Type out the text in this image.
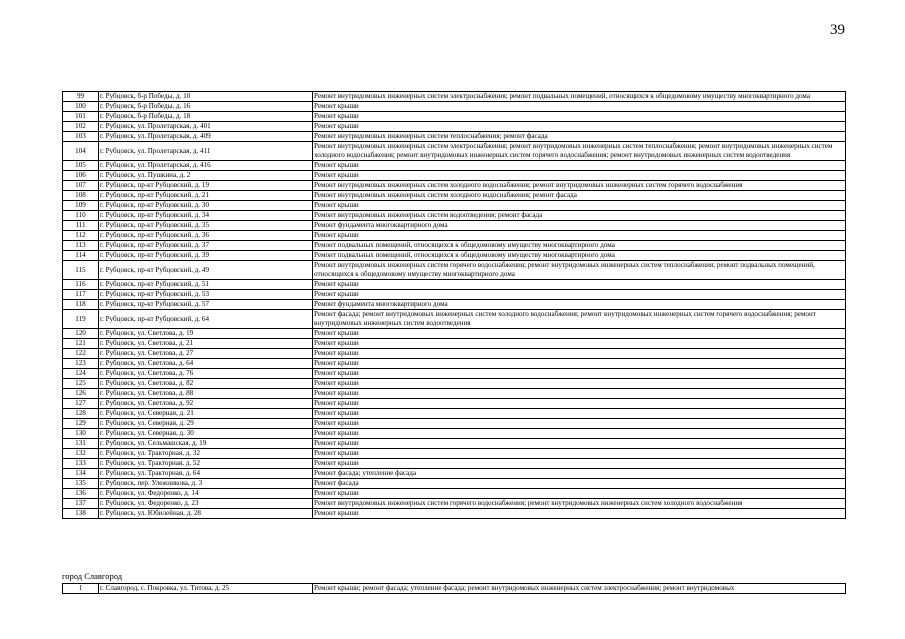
39
99	г. Рубцовск, б-р Победы, д. 10	Ремонт внутридомовых инженерных систем электроснабжения; ремонт подвальных помещений, относящихся к общедомовому имуществу многоквартирного дома
100	г. Рубцовск, б-р Победы, д. 16	Ремонт крыши
101	г. Рубцовск, б-р Победы, д. 18	Ремонт крыши
102	г. Рубцовск, ул. Пролетарская, д. 401	Ремонт крыши
103	г. Рубцовск, ул. Пролетарская, д. 409	Ремонт внутридомовых инженерных систем теплоснабжения; ремонт фасада
104	г. Рубцовск, ул. Пролетарская, д. 411	Ремонт внутридомовых инженерных систем электроснабжения; ремонт внутридомовых инженерных систем теплоснабжения; ремонт внутридомовых инженерных систем холодного водоснабжения; ремонт внутридомовых инженерных систем горячего водоснабжения; ремонт внутридомовых инженерных систем водоотведения
105	г. Рубцовск, ул. Пролетарская, д. 416	Ремонт крыши
106	г. Рубцовск, ул. Пушкина, д. 2	Ремонт крыши
107	г. Рубцовск, пр-кт Рубцовский, д. 19	Ремонт внутридомовых инженерных систем холодного водоснабжения; ремонт внутридомовых инженерных систем горячего водоснабжения
108	г. Рубцовск, пр-кт Рубцовский, д. 21	Ремонт внутридомовых инженерных систем холодного водоснабжения; ремонт фасада
109	г. Рубцовск, пр-кт Рубцовский, д. 30	Ремонт крыши
110	г. Рубцовск, пр-кт Рубцовский, д. 34	Ремонт внутридомовых инженерных систем водоотведения; ремонт фасада
111	г. Рубцовск, пр-кт Рубцовский, д. 35	Ремонт фундамента многоквартирного дома
112	г. Рубцовск, пр-кт Рубцовский, д. 36	Ремонт крыши
113	г. Рубцовск, пр-кт Рубцовский, д. 37	Ремонт подвальных помещений, относящихся к общедомовому имуществу многоквартирного дома
114	г. Рубцовск, пр-кт Рубцовский, д. 39	Ремонт подвальных помещений, относящихся к общедомовому имуществу многоквартирного дома
115	г. Рубцовск, пр-кт Рубцовский, д. 49	Ремонт внутридомовых инженерных систем горячего водоснабжения; ремонт внутридомовых инженерных систем теплоснабжения; ремонт подвальных помещений, относящихся к общедомовому имуществу многоквартирного дома
116	г. Рубцовск, пр-кт Рубцовский, д. 51	Ремонт крыши
117	г. Рубцовск, пр-кт Рубцовский, д. 53	Ремонт крыши
118	г. Рубцовск, пр-кт Рубцовский, д. 57	Ремонт фундамента многоквартирного дома
119	г. Рубцовск, пр-кт Рубцовский, д. 64	Ремонт фасада; ремонт внутридомовых инженерных систем холодного водоснабжения; ремонт внутридомовых инженерных систем горячего водоснабжения; ремонт внутридомовых инженерных систем водоотведения
120	г. Рубцовск, ул. Светлова, д. 19	Ремонт крыши
121	г. Рубцовск, ул. Светлова, д. 21	Ремонт крыши
122	г. Рубцовск, ул. Светлова, д. 27	Ремонт крыши
123	г. Рубцовск, ул. Светлова, д. 64	Ремонт крыши
124	г. Рубцовск, ул. Светлова, д. 76	Ремонт крыши
125	г. Рубцовск, ул. Светлова, д. 82	Ремонт крыши
126	г. Рубцовск, ул. Светлова, д. 88	Ремонт крыши
127	г. Рубцовск, ул. Светлова, д. 92	Ремонт крыши
128	г. Рубцовск, ул. Северная, д. 21	Ремонт крыши
129	г. Рубцовск, ул. Северная, д. 29	Ремонт крыши
130	г. Рубцовск, ул. Северная, д. 30	Ремонт крыши
131	г. Рубцовск, ул. Сельмашская, д. 19	Ремонт крыши
132	г. Рубцовск, ул. Тракторная, д. 32	Ремонт крыши
133	г. Рубцовск, ул. Тракторная, д. 52	Ремонт крыши
134	г. Рубцовск, ул. Тракторная, д. 64	Ремонт фасада; утепление фасада
135	г. Рубцовск, пер. Улежникова, д. 3	Ремонт фасада
136	г. Рубцовск, ул. Федоренко, д. 14	Ремонт крыши
137	г. Рубцовск, ул. Федоренко, д. 23	Ремонт внутридомовых инженерных систем горячего водоснабжения; ремонт внутридомовых инженерных систем холодного водоснабжения
138	г. Рубцовск, ул. Юбилейная, д. 28	Ремонт крыши
город Славгород
1	г. Славгород, с. Покровка, ул. Титова, д. 25	Ремонт крыши; ремонт фасада; утепление фасада; ремонт внутридомовых инженерных систем электроснабжения; ремонт внутридомовых
